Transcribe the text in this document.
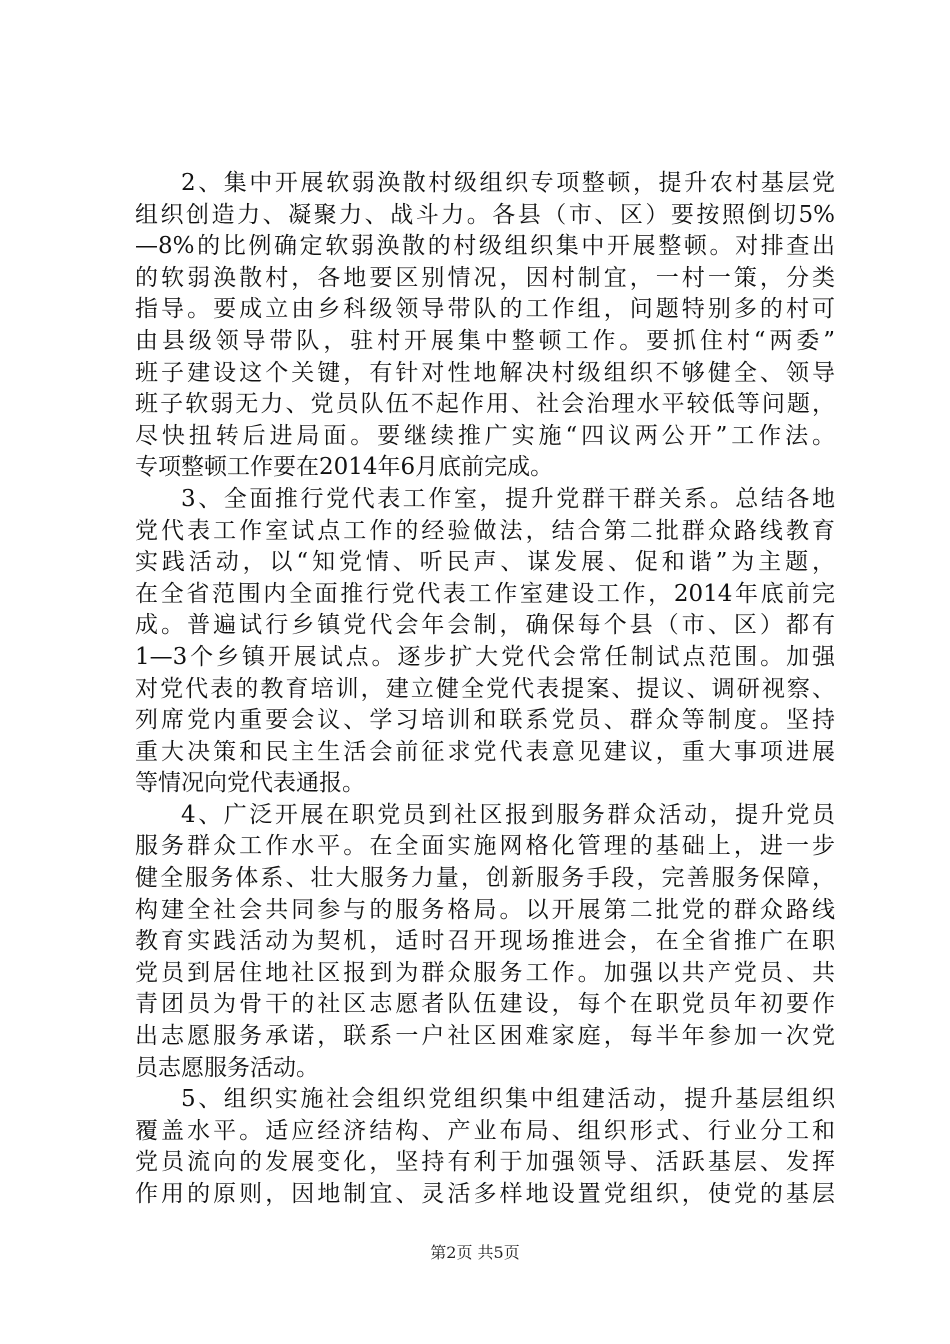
2、集中开展软弱涣散村级组织专项整顿，提升农村基层党
组织创造力、凝聚力、战斗力。各县（市、区）要按照倒切5%
—8%的比例确定软弱涣散的村级组织集中开展整顿。对排查出
的软弱涣散村，各地要区别情况，因村制宜，一村一策，分类
指导。要成立由乡科级领导带队的工作组，问题特别多的村可
由县级领导带队，驻村开展集中整顿工作。要抓住村“两委”
班子建设这个关键，有针对性地解决村级组织不够健全、领导
班子软弱无力、党员队伍不起作用、社会治理水平较低等问题，
尽快扭转后进局面。要继续推广实施“四议两公开”工作法。
专项整顿工作要在2014年6月底前完成。
3、全面推行党代表工作室，提升党群干群关系。总结各地
党代表工作室试点工作的经验做法，结合第二批群众路线教育
实践活动，以“知党情、听民声、谋发展、促和谐”为主题，
在全省范围内全面推行党代表工作室建设工作，2014年底前完
成。普遍试行乡镇党代会年会制，确保每个县（市、区）都有
1—3个乡镇开展试点。逐步扩大党代会常任制试点范围。加强
对党代表的教育培训，建立健全党代表提案、提议、调研视察、
列席党内重要会议、学习培训和联系党员、群众等制度。坚持
重大决策和民主生活会前征求党代表意见建议，重大事项进展
等情况向党代表通报。
4、广泛开展在职党员到社区报到服务群众活动，提升党员
服务群众工作水平。在全面实施网格化管理的基础上，进一步
健全服务体系、壮大服务力量，创新服务手段，完善服务保障，
构建全社会共同参与的服务格局。以开展第二批党的群众路线
教育实践活动为契机，适时召开现场推进会，在全省推广在职
党员到居住地社区报到为群众服务工作。加强以共产党员、共
青团员为骨干的社区志愿者队伍建设，每个在职党员年初要作
出志愿服务承诺，联系一户社区困难家庭，每半年参加一次党
员志愿服务活动。
5、组织实施社会组织党组织集中组建活动，提升基层组织
覆盖水平。适应经济结构、产业布局、组织形式、行业分工和
党员流向的发展变化，坚持有利于加强领导、活跃基层、发挥
作用的原则，因地制宜、灵活多样地设置党组织，使党的基层
第2页 共5页
